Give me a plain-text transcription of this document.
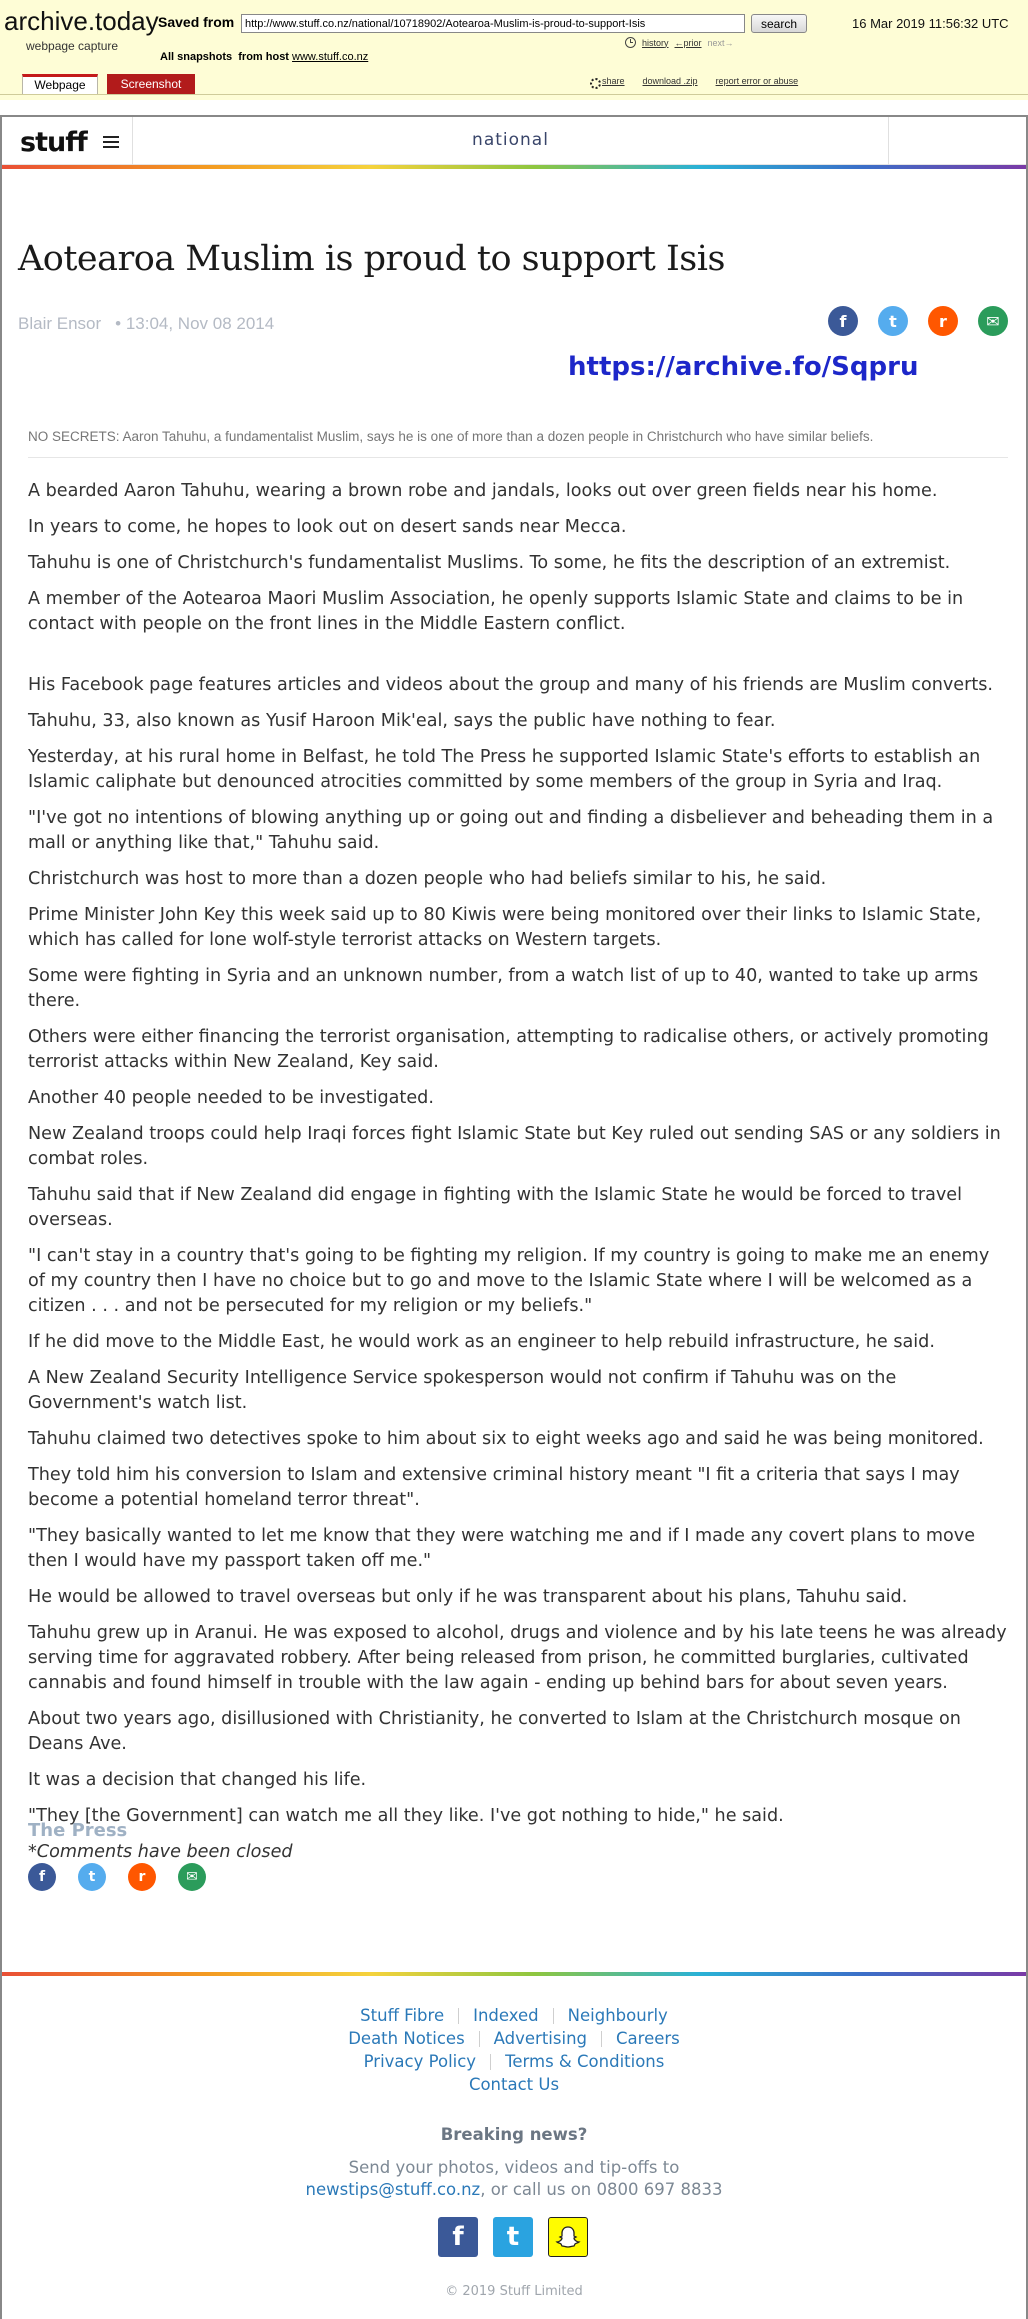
archive.today
webpage capture
Saved from
http://www.stuff.co.nz/national/10718902/Aotearoa-Muslim-is-proud-to-support-Isis	search	16 Mar 2019 11:56:32 UTC
history ←prior next→
All snapshots from host www.stuff.co.nz
Webpage	Screenshot	share download .zip report error or abuse
stuff	national
Aotearoa Muslim is proud to support Isis
Blair Ensor • 13:04, Nov 08 2014	f	t	r	✉
https://archive.fo/Sqpru
NO SECRETS: Aaron Tahuhu, a fundamentalist Muslim, says he is one of more than a dozen people in Christchurch who have similar beliefs.

A bearded Aaron Tahuhu, wearing a brown robe and jandals, looks out over green fields near his home.

In years to come, he hopes to look out on desert sands near Mecca.

Tahuhu is one of Christchurch's fundamentalist Muslims. To some, he fits the description of an extremist.

A member of the Aotearoa Maori Muslim Association, he openly supports Islamic State and claims to be in contact with people on the front lines in the Middle Eastern conflict.

His Facebook page features articles and videos about the group and many of his friends are Muslim converts.

Tahuhu, 33, also known as Yusif Haroon Mik'eal, says the public have nothing to fear.

Yesterday, at his rural home in Belfast, he told The Press he supported Islamic State's efforts to establish an Islamic caliphate but denounced atrocities committed by some members of the group in Syria and Iraq.

"I've got no intentions of blowing anything up or going out and finding a disbeliever and beheading them in a mall or anything like that," Tahuhu said.

Christchurch was host to more than a dozen people who had beliefs similar to his, he said.

Prime Minister John Key this week said up to 80 Kiwis were being monitored over their links to Islamic State, which has called for lone wolf-style terrorist attacks on Western targets.

Some were fighting in Syria and an unknown number, from a watch list of up to 40, wanted to take up arms there.

Others were either financing the terrorist organisation, attempting to radicalise others, or actively promoting terrorist attacks within New Zealand, Key said.

Another 40 people needed to be investigated.

New Zealand troops could help Iraqi forces fight Islamic State but Key ruled out sending SAS or any soldiers in combat roles.

Tahuhu said that if New Zealand did engage in fighting with the Islamic State he would be forced to travel overseas.

"I can't stay in a country that's going to be fighting my religion. If my country is going to make me an enemy of my country then I have no choice but to go and move to the Islamic State where I will be welcomed as a citizen . . . and not be persecuted for my religion or my beliefs."

If he did move to the Middle East, he would work as an engineer to help rebuild infrastructure, he said.

A New Zealand Security Intelligence Service spokesperson would not confirm if Tahuhu was on the Government's watch list.

Tahuhu claimed two detectives spoke to him about six to eight weeks ago and said he was being monitored.

They told him his conversion to Islam and extensive criminal history meant "I fit a criteria that says I may become a potential homeland terror threat".

"They basically wanted to let me know that they were watching me and if I made any covert plans to move then I would have my passport taken off me."

He would be allowed to travel overseas but only if he was transparent about his plans, Tahuhu said.

Tahuhu grew up in Aranui. He was exposed to alcohol, drugs and violence and by his late teens he was already serving time for aggravated robbery. After being released from prison, he committed burglaries, cultivated cannabis and found himself in trouble with the law again - ending up behind bars for about seven years.

About two years ago, disillusioned with Christianity, he converted to Islam at the Christchurch mosque on Deans Ave.

It was a decision that changed his life.

"They [the Government] can watch me all they like. I've got nothing to hide," he said.

*Comments have been closed

The Press
f	t	r	✉
Stuff Fibre Indexed Neighbourly
Death Notices Advertising Careers
Privacy Policy Terms & Conditions
Contact Us
Breaking news?
Send your photos, videos and tip-offs to
newstips@stuff.co.nz, or call us on 0800 697 8833
f	t
© 2019 Stuff Limited
